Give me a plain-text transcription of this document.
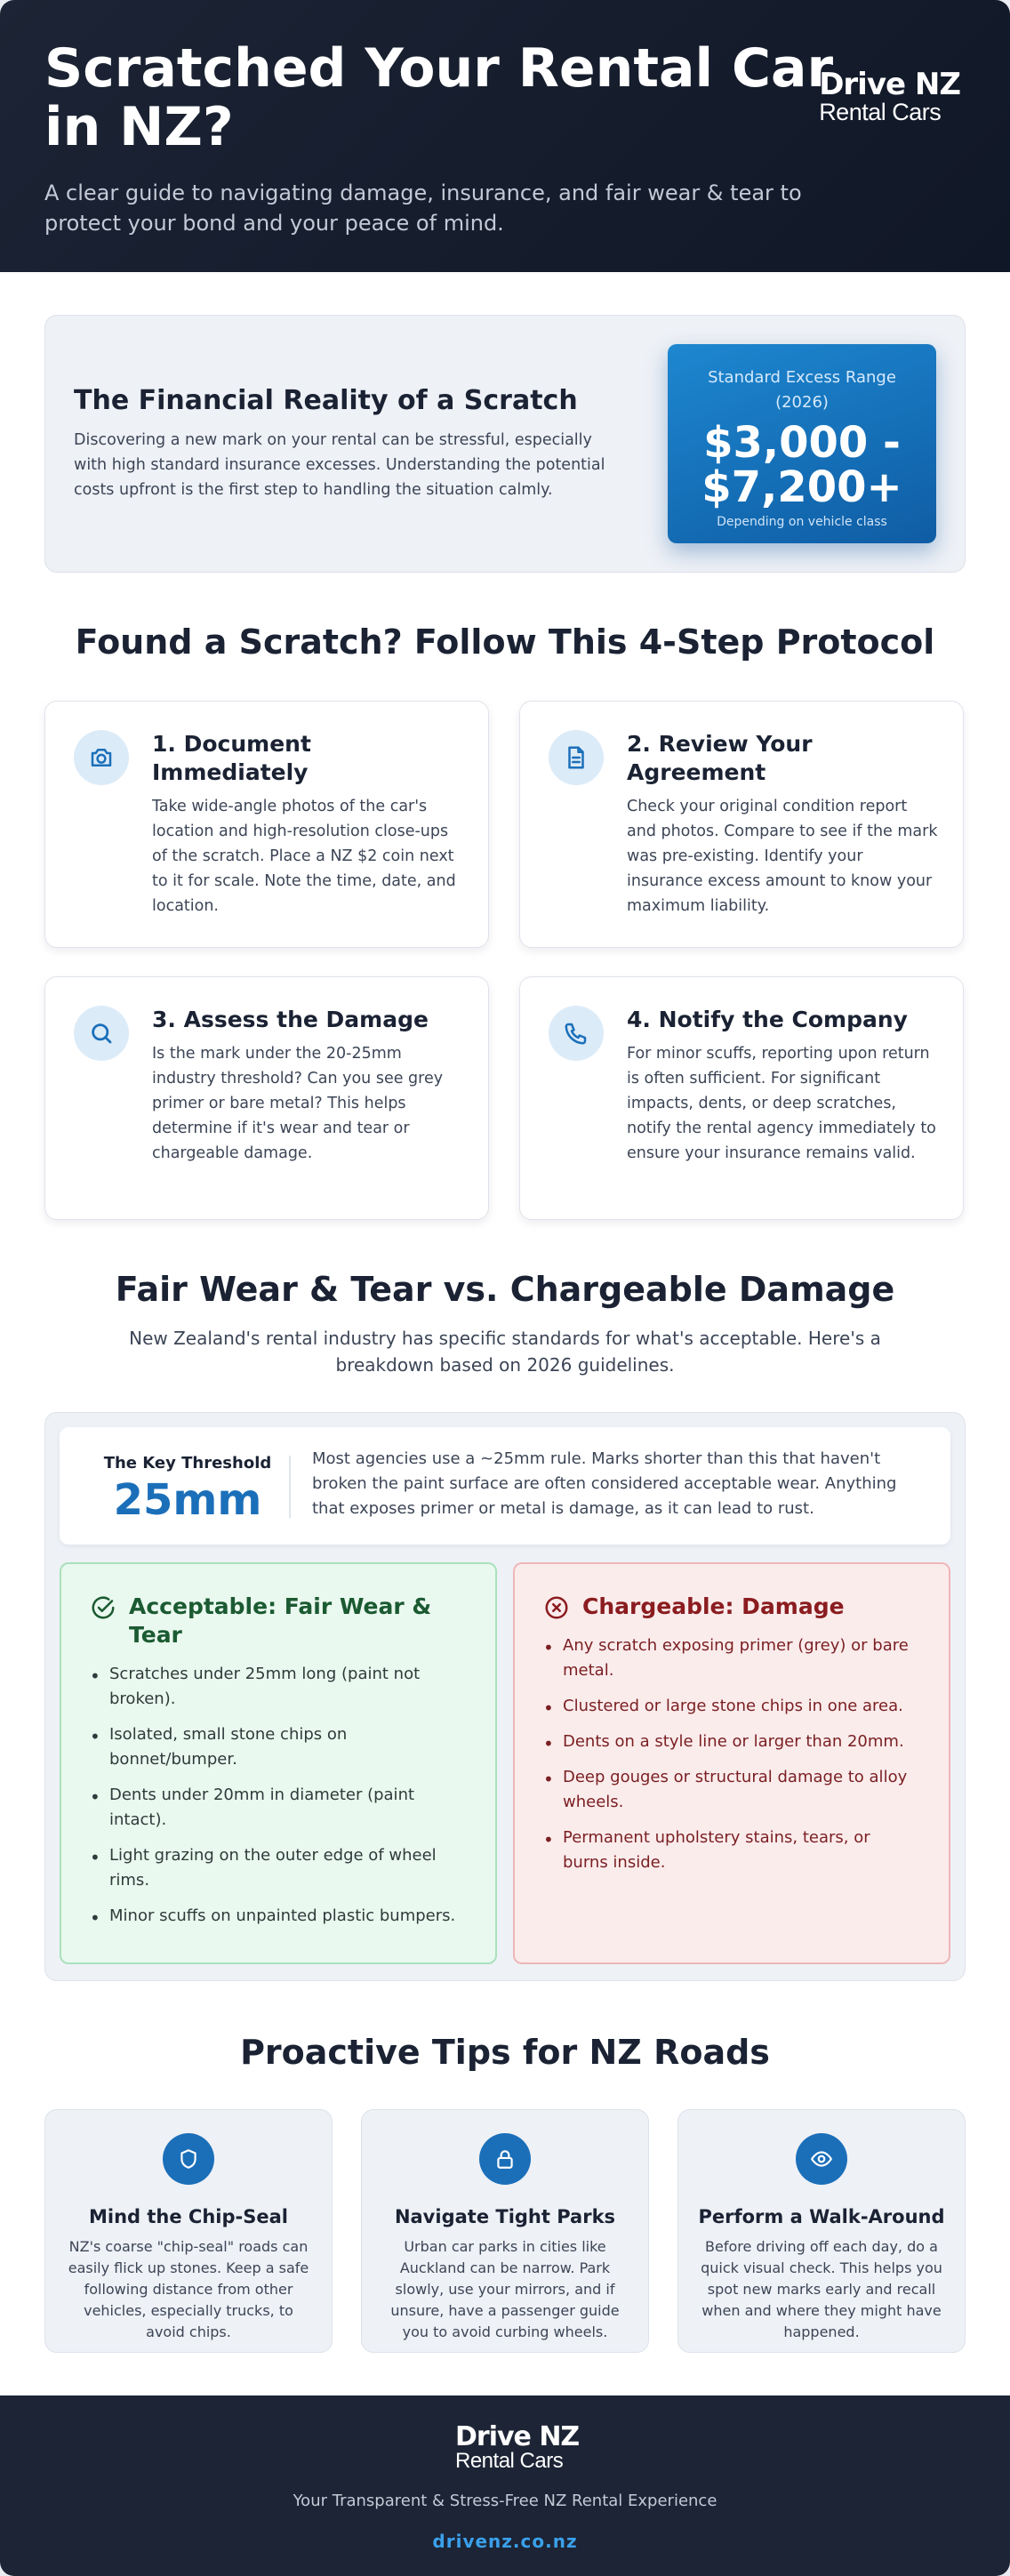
Scratched Your Rental Car in NZ?

A clear guide to navigating damage, insurance, and fair wear & tear to protect your bond and your peace of mind.

Drive NZ
Rental Cars
The Financial Reality of a Scratch

Discovering a new mark on your rental can be stressful, especially with high standard insurance excesses. Understanding the potential costs upfront is the first step to handling the situation calmly.

Standard Excess Range (2026)
$3,000 -
$7,200+
Depending on vehicle class
Found a Scratch? Follow This 4-Step Protocol
1. Document Immediately

Take wide-angle photos of the car's location and high-resolution close-ups of the scratch. Place a NZ $2 coin next to it for scale. Note the time, date, and location.

2. Review Your Agreement

Check your original condition report and photos. Compare to see if the mark was pre-existing. Identify your insurance excess amount to know your maximum liability.

3. Assess the Damage

Is the mark under the 20-25mm industry threshold? Can you see grey primer or bare metal? This helps determine if it's wear and tear or chargeable damage.

4. Notify the Company

For minor scuffs, reporting upon return is often sufficient. For significant impacts, dents, or deep scratches, notify the rental agency immediately to ensure your insurance remains valid.

Fair Wear & Tear vs. Chargeable Damage
New Zealand's rental industry has specific standards for what's acceptable. Here's a breakdown based on 2026 guidelines.
The Key Threshold
25mm
Most agencies use a ~25mm rule. Marks shorter than this that haven't broken the paint surface are often considered acceptable wear. Anything that exposes primer or metal is damage, as it can lead to rust.
Acceptable: Fair Wear & Tear
• Scratches under 25mm long (paint not broken).
• Isolated, small stone chips on bonnet/bumper.
• Dents under 20mm in diameter (paint intact).
• Light grazing on the outer edge of wheel rims.
• Minor scuffs on unpainted plastic bumpers.
Chargeable: Damage
• Any scratch exposing primer (grey) or bare metal.
• Clustered or large stone chips in one area.
• Dents on a style line or larger than 20mm.
• Deep gouges or structural damage to alloy wheels.
• Permanent upholstery stains, tears, or burns inside.
Proactive Tips for NZ Roads
Mind the Chip-Seal

NZ's coarse "chip-seal" roads can easily flick up stones. Keep a safe following distance from other vehicles, especially trucks, to avoid chips.

Navigate Tight Parks

Urban car parks in cities like Auckland can be narrow. Park slowly, use your mirrors, and if unsure, have a passenger guide you to avoid curbing wheels.

Perform a Walk-Around

Before driving off each day, do a quick visual check. This helps you spot new marks early and recall when and where they might have happened.

Drive NZ
Rental Cars
Your Transparent & Stress-Free NZ Rental Experience
drivenz.co.nz
